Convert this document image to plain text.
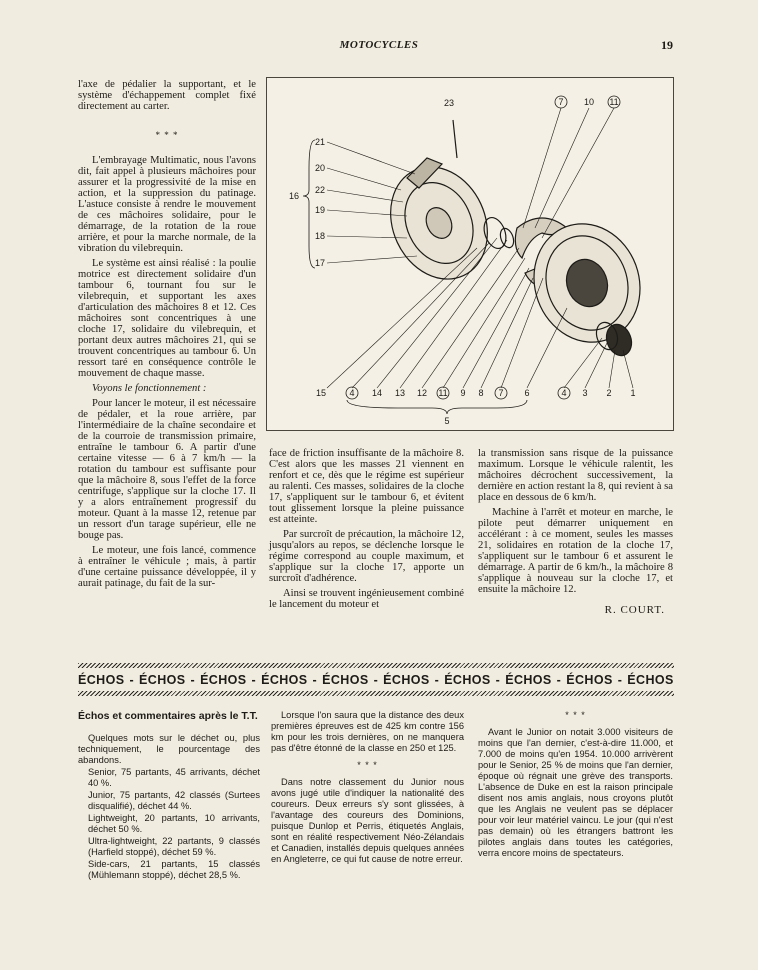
MOTOCYCLES	19

l'axe de pédalier la supportant, et le système d'échappement complet fixé directement au carter.

* * *

L'embrayage Multimatic, nous l'avons dit, fait appel à plusieurs mâchoires pour assurer et la progressivité de la mise en action, et la suppression du patinage. L'astuce consiste à rendre le mouvement de ces mâchoires solidaire, pour le démarrage, de la rotation de la roue arrière, et pour la marche normale, de la vibration du vilebrequin.

Le système est ainsi réalisé : la poulie motrice est directement solidaire d'un tambour 6, tournant fou sur le vilebrequin, et supportant les axes d'articulation des mâchoires 8 et 12. Ces mâchoires sont concentriques à une cloche 17, solidaire du vilebrequin, et portant deux autres mâchoires 21, qui se trouvent concentriques au tambour 6. Un ressort taré en conséquence contrôle le mouvement de chaque masse.

Voyons le fonctionnement :

Pour lancer le moteur, il est nécessaire de pédaler, et la roue arrière, par l'intermédiaire de la chaîne secondaire et de la courroie de transmission primaire, entraîne le tambour 6. A partir d'une certaine vitesse — 6 à 7 km/h — la rotation du tambour est suffisante pour que la mâchoire 8, sous l'effet de la force centrifuge, s'applique sur la cloche 17. Il y a alors entraînement progressif du moteur. Quant à la masse 12, retenue par un ressort d'un tarage supérieur, elle ne bouge pas.

Le moteur, une fois lancé, commence à entraîner le véhicule ; mais, à partir d'une certaine puissance développée, il y aurait patinage, du fait de la sur-

23	7 10 11
21
20
22
19
18
17
16
15	4 14 13 12 11 9 8 7 6	4 3 2 1
5

face de friction insuffisante de la mâchoire 8. C'est alors que les masses 21 viennent en renfort et ce, dès que le régime est supérieur au ralenti. Ces masses, solidaires de la cloche 17, s'appliquent sur le tambour 6, et évitent tout glissement lorsque la pleine puissance est atteinte.

Par surcroît de précaution, la mâchoire 12, jusqu'alors au repos, se déclenche lorsque le régime correspond au couple maximum, et s'applique sur la cloche 17, apporte un surcroît d'adhérence.

Ainsi se trouvent ingénieusement combiné le lancement du moteur et

la transmission sans risque de la puissance maximum. Lorsque le véhicule ralentit, les mâchoires décrochent successivement, la dernière en action restant la 8, qui revient à sa place en dessous de 6 km/h.

Machine à l'arrêt et moteur en marche, le pilote peut démarrer uniquement en accélérant : à ce moment, seules les masses 21, solidaires en rotation de la cloche 17, s'appliquent sur le tambour 6 et assurent le démarrage. A partir de 6 km/h., la mâchoire 8 s'applique à nouveau sur la cloche 17, et ensuite la mâchoire 12.

R. COURT.
ÉCHOS - ÉCHOS - ÉCHOS - ÉCHOS - ÉCHOS - ÉCHOS - ÉCHOS - ÉCHOS - ÉCHOS - ÉCHOS

Échos et commentaires après le T.T.

Quelques mots sur le déchet ou, plus techniquement, le pourcentage des abandons.

Senior, 75 partants, 45 arrivants, déchet 40 %.

Junior, 75 partants, 42 classés (Surtees disqualifié), déchet 44 %.

Lightweight, 20 partants, 10 arrivants, déchet 50 %.

Ultra-lightweight, 22 partants, 9 classés (Harfield stoppé), déchet 59 %.

Side-cars, 21 partants, 15 classés (Mühlemann stoppé), déchet 28,5 %.

Lorsque l'on saura que la distance des deux premières épreuves est de 425 km contre 156 km pour les trois dernières, on ne manquera pas d'être étonné de la classe en 250 et 125.

* * *

Dans notre classement du Junior nous avons jugé utile d'indiquer la nationalité des coureurs. Deux erreurs s'y sont glissées, à l'avantage des coureurs des Dominions, puisque Dunlop et Perris, étiquetés Anglais, sont en réalité respectivement Néo-Zélandais et Canadien, installés depuis quelques années en Angleterre, ce qui fut cause de notre erreur.

* * *

Avant le Junior on notait 3.000 visiteurs de moins que l'an dernier, c'est-à-dire 11.000, et 7.000 de moins qu'en 1954. 10.000 arrivèrent pour le Senior, 25 % de moins que l'an dernier, époque où régnait une grève des transports. L'absence de Duke en est la raison principale disent nos amis anglais, nous croyons plutôt que les Anglais ne veulent pas se déplacer pour voir leur matériel vaincu. Le jour (qui n'est pas demain) où les étrangers battront les pilotes anglais dans toutes les catégories, verra encore moins de spectateurs.
